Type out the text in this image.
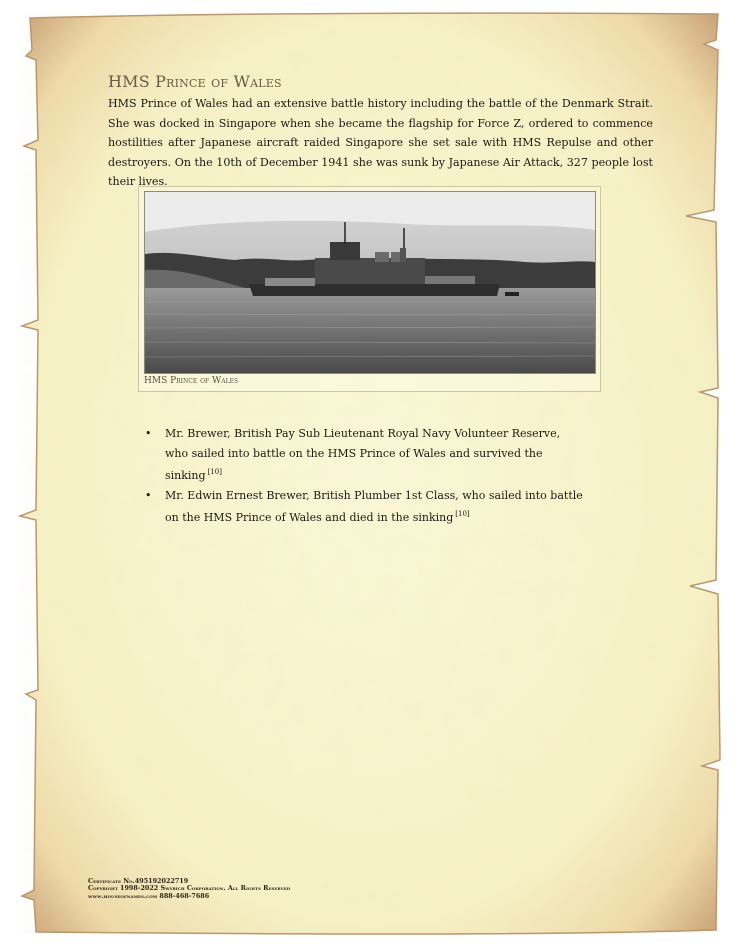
HMS Prince of Wales

HMS Prince of Wales had an extensive battle history including the battle of the Denmark Strait. She was docked in Singapore when she became the flagship for Force Z, ordered to commence hostilities after Japanese aircraft raided Singapore she set sale with HMS Repulse and other destroyers. On the 10th of December 1941 she was sunk by Japanese Air Attack, 327 people lost their lives.

HMS Prince of Wales
• Mr. Brewer, British Pay Sub Lieutenant Royal Navy Volunteer Reserve, who sailed into battle on the HMS Prince of Wales and survived the sinking [10]
• Mr. Edwin Ernest Brewer, British Plumber 1st Class, who sailed into battle on the HMS Prince of Wales and died in the sinking [10]
Certificate No.495192022719
Copyright 1998-2022 Swyrich Corporation. All Rights Reserved
www.houseofnames.com 888-468-7686
